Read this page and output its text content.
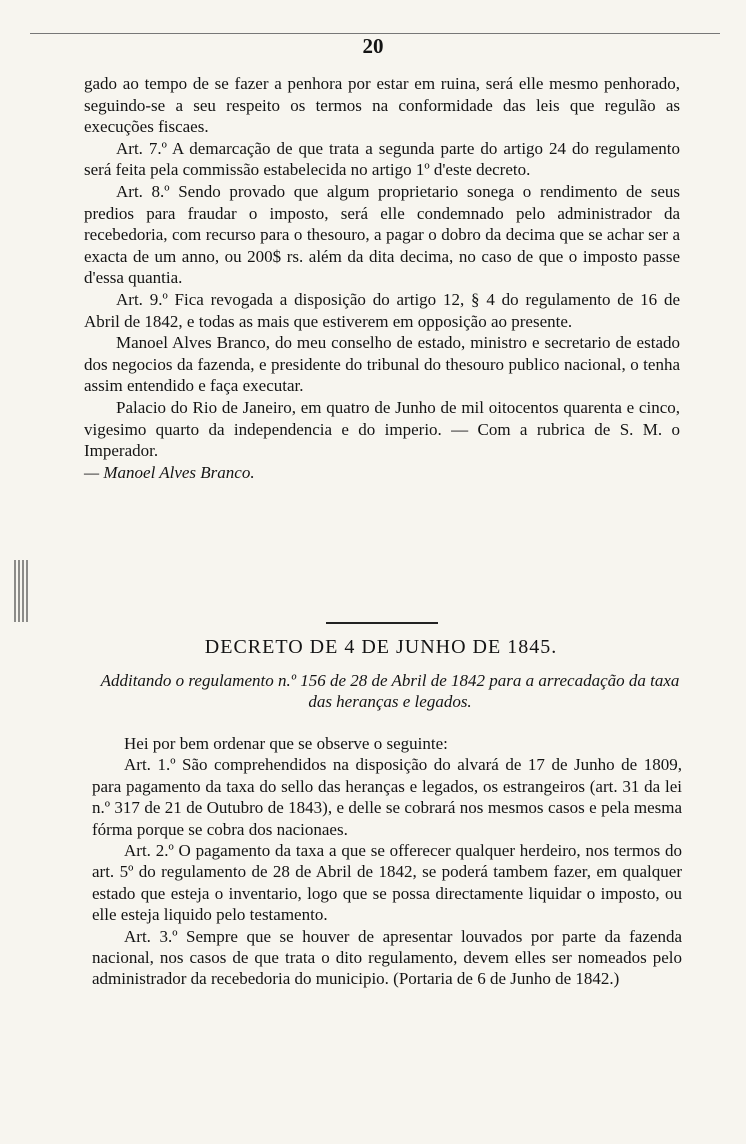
20

gado ao tempo de se fazer a penhora por estar em ruina, será elle mesmo penhorado, seguindo-se a seu respeito os termos na conformidade das leis que regulão as execuções fiscaes.

Art. 7.º A demarcação de que trata a segunda parte do artigo 24 do regulamento será feita pela commissão estabelecida no artigo 1º d'este decreto.

Art. 8.º Sendo provado que algum proprietario sonega o rendimento de seus predios para fraudar o imposto, será elle condemnado pelo administrador da recebedoria, com recurso para o thesouro, a pagar o dobro da decima que se achar ser a exacta de um anno, ou 200$ rs. além da dita decima, no caso de que o imposto passe d'essa quantia.

Art. 9.º Fica revogada a disposição do artigo 12, § 4 do regulamento de 16 de Abril de 1842, e todas as mais que estiverem em opposição ao presente.

Manoel Alves Branco, do meu conselho de estado, ministro e secretario de estado dos negocios da fazenda, e presidente do tribunal do thesouro publico nacional, o tenha assim entendido e faça executar.

Palacio do Rio de Janeiro, em quatro de Junho de mil oitocentos quarenta e cinco, vigesimo quarto da independencia e do imperio. — Com a rubrica de S. M. o Imperador.

— Manoel Alves Branco.

DECRETO DE 4 DE JUNHO DE 1845.
Additando o regulamento n.º 156 de 28 de Abril de 1842 para a arrecadação da taxa das heranças e legados.

Hei por bem ordenar que se observe o seguinte:

Art. 1.º São comprehendidos na disposição do alvará de 17 de Junho de 1809, para pagamento da taxa do sello das heranças e legados, os estrangeiros (art. 31 da lei n.º 317 de 21 de Outubro de 1843), e delle se cobrará nos mesmos casos e pela mesma fórma porque se cobra dos nacionaes.

Art. 2.º O pagamento da taxa a que se offerecer qualquer herdeiro, nos termos do art. 5º do regulamento de 28 de Abril de 1842, se poderá tambem fazer, em qualquer estado que esteja o inventario, logo que se possa directamente liquidar o imposto, ou elle esteja liquido pelo testamento.

Art. 3.º Sempre que se houver de apresentar louvados por parte da fazenda nacional, nos casos de que trata o dito regulamento, devem elles ser nomeados pelo administrador da recebedoria do municipio. (Portaria de 6 de Junho de 1842.)
